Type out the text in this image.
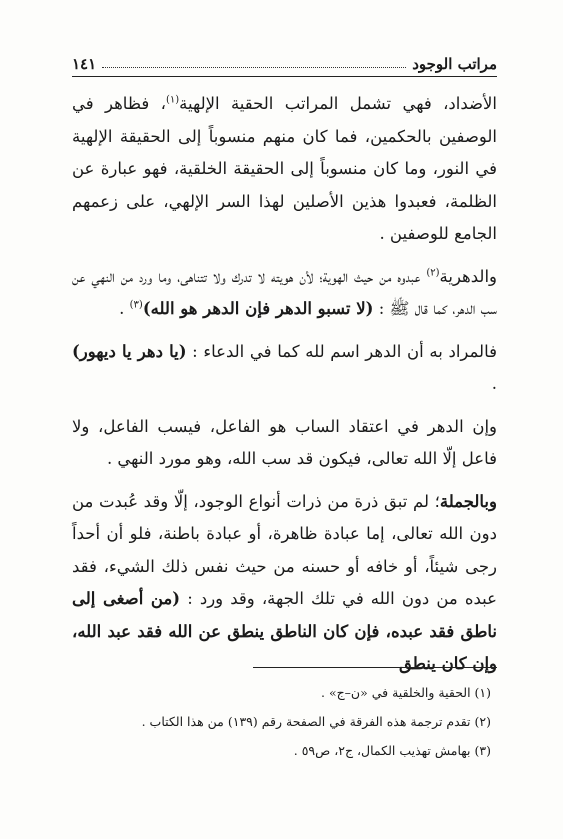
مراتب الوجود
١٤١

الأضداد، فهي تشمل المراتب الحقية الإلهية$^{(١)}$، فظاهر في الوصفين بالحكمين، فما كان منهم منسوباً إلى الحقيقة الإلهية في النور، وما كان منسوباً إلى الحقيقة الخلقية، فهو عبارة عن الظلمة، فعبدوا هذين الأصلين لهذا السر الإلهي، على زعمهم الجامع للوصفين .

والدهرية$^{(٢)}$ عبدوه من حيث الهوية؛ لأن هويته لا تدرك ولا تتناهى، وما ورد من النهي عن سب الدهر، كما قال ﷺ : (لا تسبو الدهر فإن الدهر هو الله)$^{(٣)}$ .

فالمراد به أن الدهر اسم لله كما في الدعاء : (يا دهر يا ديهور) .

وإن الدهر في اعتقاد الساب هو الفاعل، فيسب الفاعل، ولا فاعل إلّا الله تعالى، فيكون قد سب الله، وهو مورد النهي .

وبالجملة؛ لم تبق ذرة من ذرات أنواع الوجود، إلّا وقد عُبدت من دون الله تعالى، إما عبادة ظاهرة، أو عبادة باطنة، فلو أن أحداً رجى شيئاً، أو خافه أو حسنه من حيث نفس ذلك الشيء، فقد عبده من دون الله في تلك الجهة، وقد ورد : (من أصغى إلى ناطق فقد عبده، فإن كان الناطق ينطق عن الله فقد عبد الله، وإن كان ينطق

(١) الحقية والخلقية في «ن–ج» .

(٢) تقدم ترجمة هذه الفرقة في الصفحة رقم (١٣٩) من هذا الكتاب .

(٣) بهامش تهذيب الكمال، ج٢، ص٥٩ .
